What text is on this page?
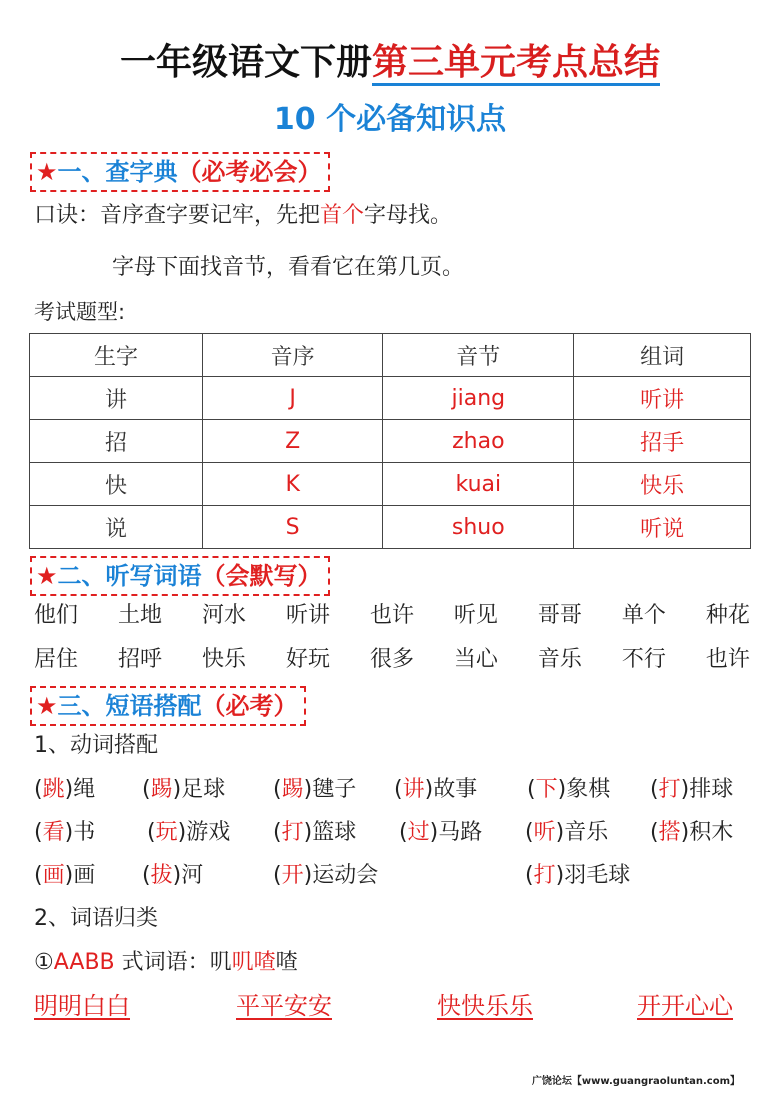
一年级语文下册第三单元考点总结
10 个必备知识点
★一、查字典（必考必会）
口诀：音序查字要记牢，先把首个字母找。
字母下面找音节，看看它在第几页。
考试题型:
生字	音序	音节	组词
讲	J	jiang	听讲
招	Z	zhao	招手
快	K	kuai	快乐
说	S	shuo	听说
★二、听写词语（会默写）
他们 土地 河水 听讲 也许 听见 哥哥 单个 种花
居住 招呼 快乐 好玩 很多 当心 音乐 不行 也许
★三、短语搭配（必考）
1、动词搭配
(跳)绳 (踢)足球 (踢)毽子 (讲)故事 (下)象棋 (打)排球
(看)书 (玩)游戏 (打)篮球 (过)马路 (听)音乐 (搭)积木
(画)画 (拔)河	(开)运动会	(打)羽毛球
2、词语归类
①AABB 式词语：叽叽喳喳
明明白白	平平安安	快快乐乐	开开心心
广饶论坛【www.guangraoluntan.com】
